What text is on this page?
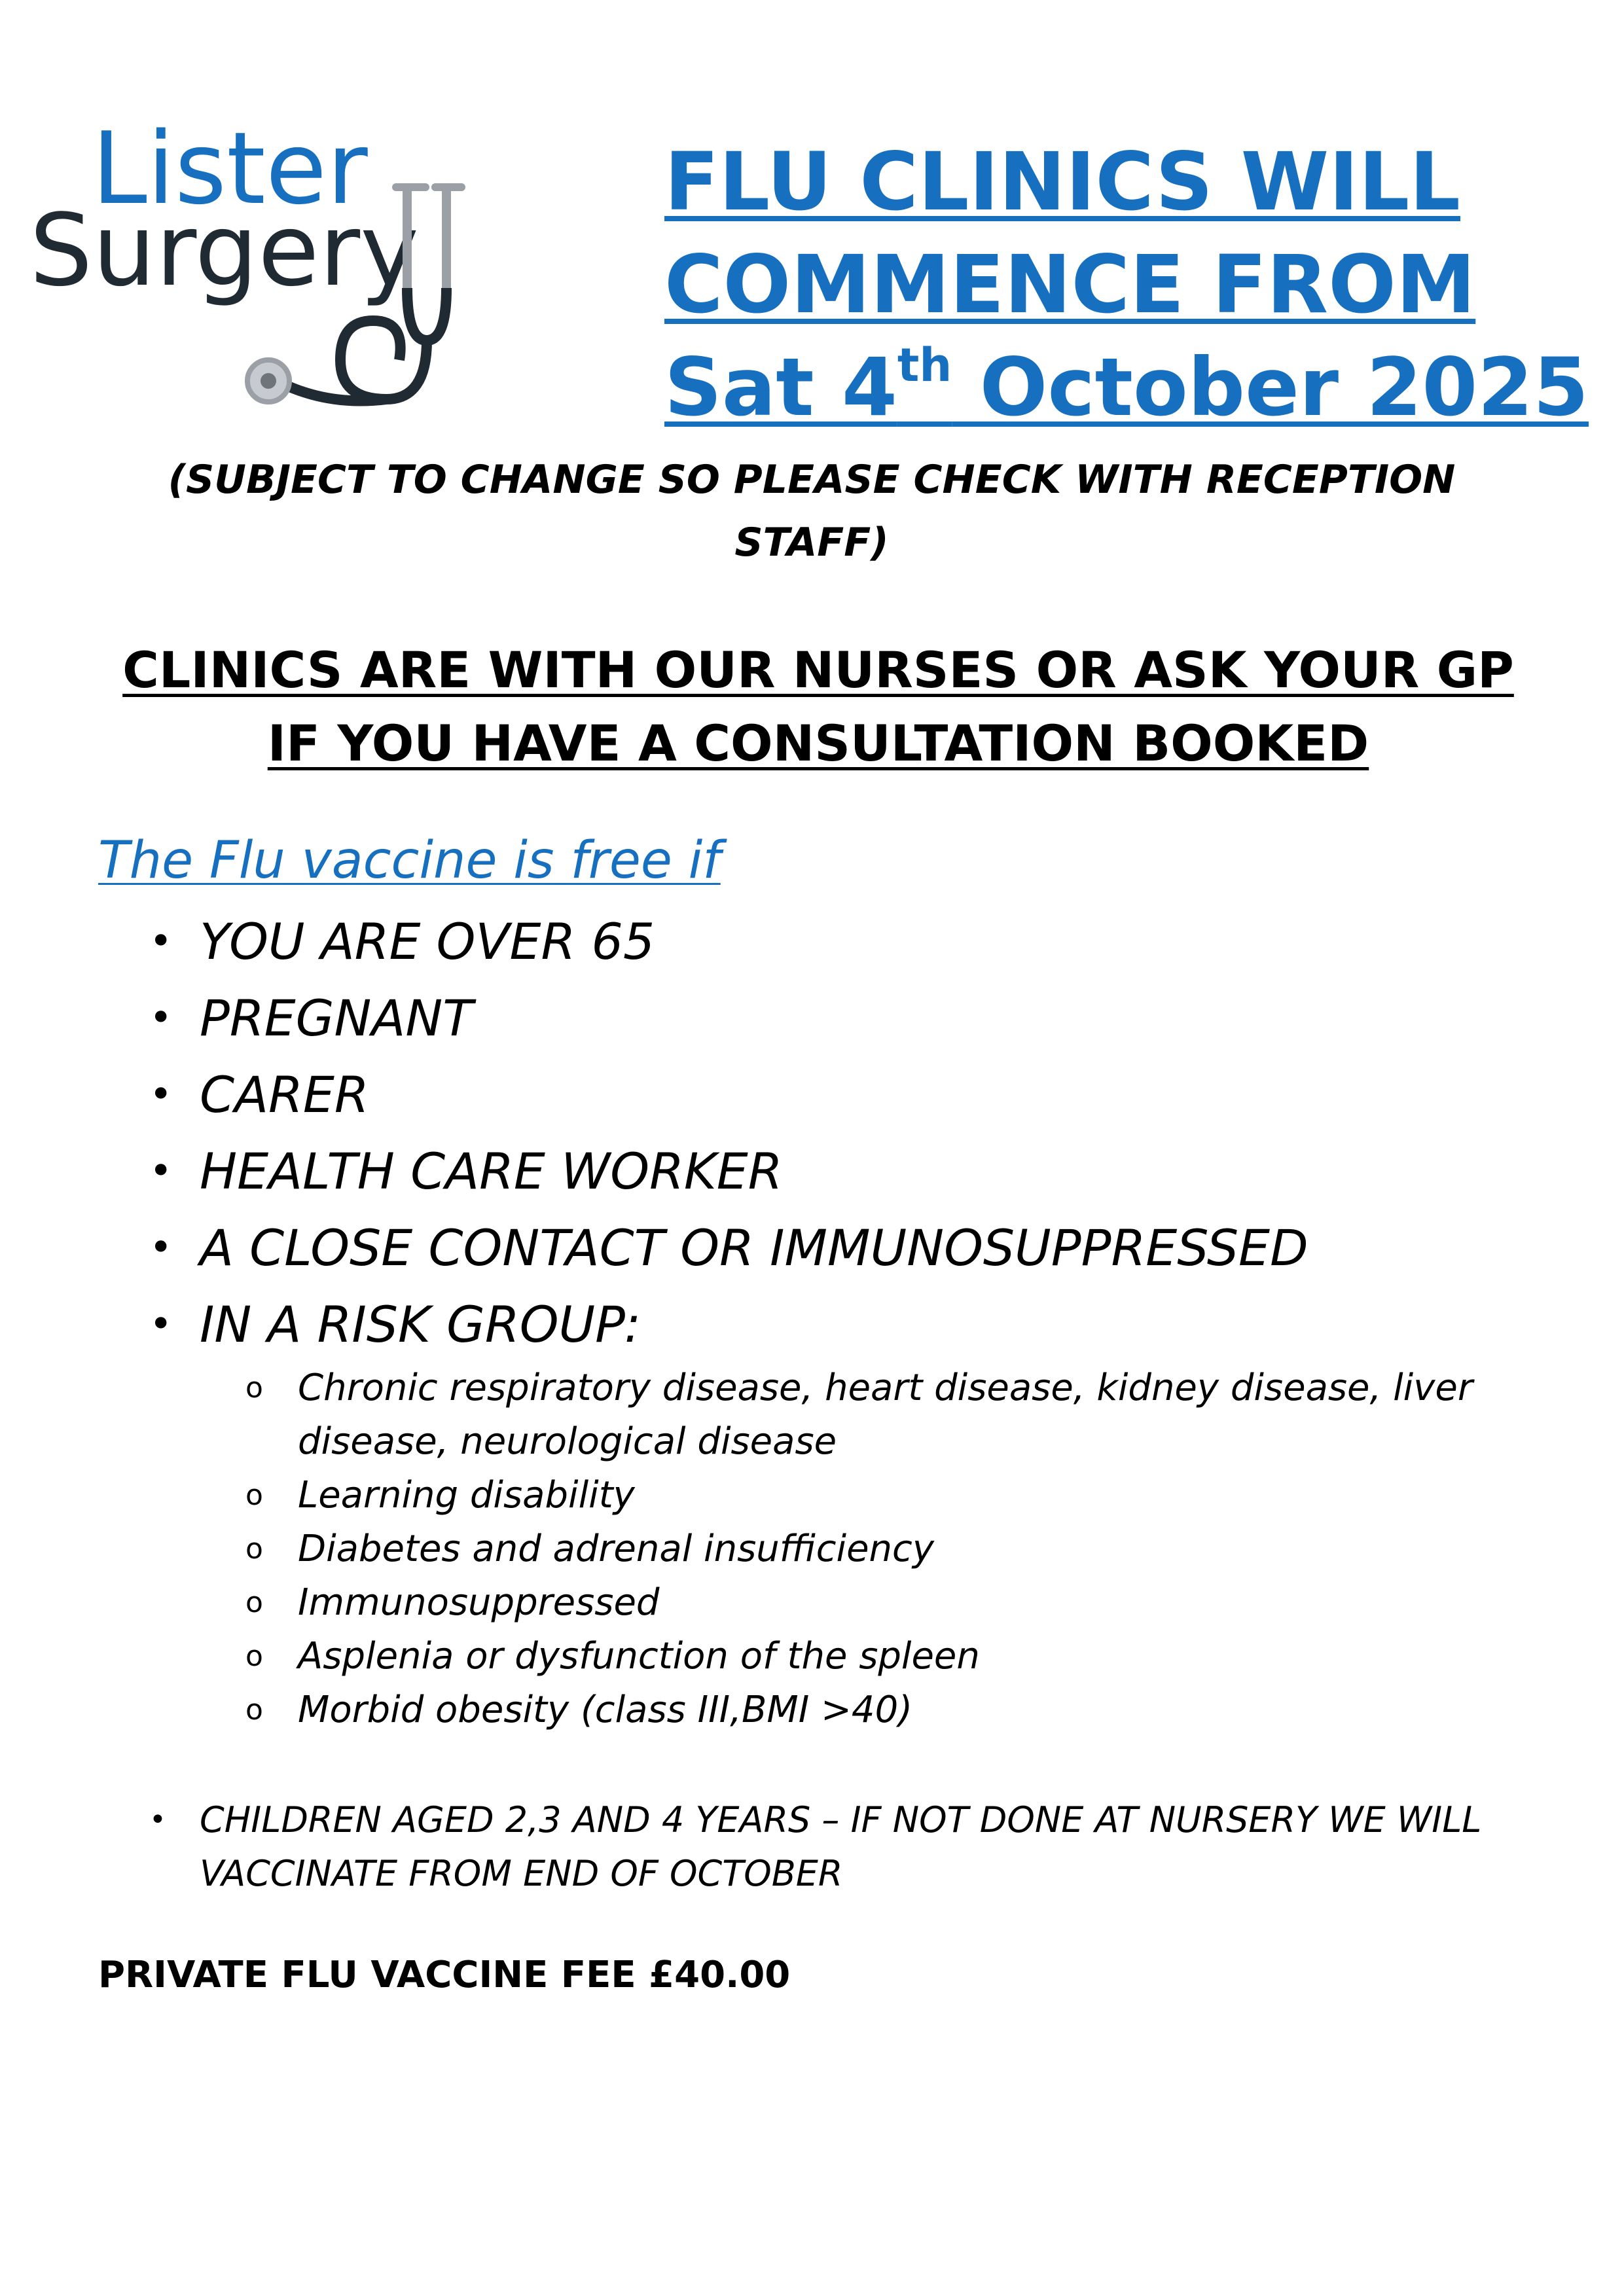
Lister
Surgery
FLU CLINICS WILL
COMMENCE FROM
Sat 4th October 2025
(SUBJECT TO CHANGE SO PLEASE CHECK WITH RECEPTION
STAFF)
CLINICS ARE WITH OUR NURSES OR ASK YOUR GP
IF YOU HAVE A CONSULTATION BOOKED
The Flu vaccine is free if
• YOU ARE OVER 65
• PREGNANT
• CARER
• HEALTH CARE WORKER
• A CLOSE CONTACT OR IMMUNOSUPPRESSED
• IN A RISK GROUP:
o Chronic respiratory disease, heart disease, kidney disease, liver disease, neurological disease
o Learning disability
o Diabetes and adrenal insufficiency
o Immunosuppressed
o Asplenia or dysfunction of the spleen
o Morbid obesity (class III,BMI >40)
• CHILDREN AGED 2,3 AND 4 YEARS – IF NOT DONE AT NURSERY WE WILL VACCINATE FROM END OF OCTOBER
PRIVATE FLU VACCINE FEE £40.00
